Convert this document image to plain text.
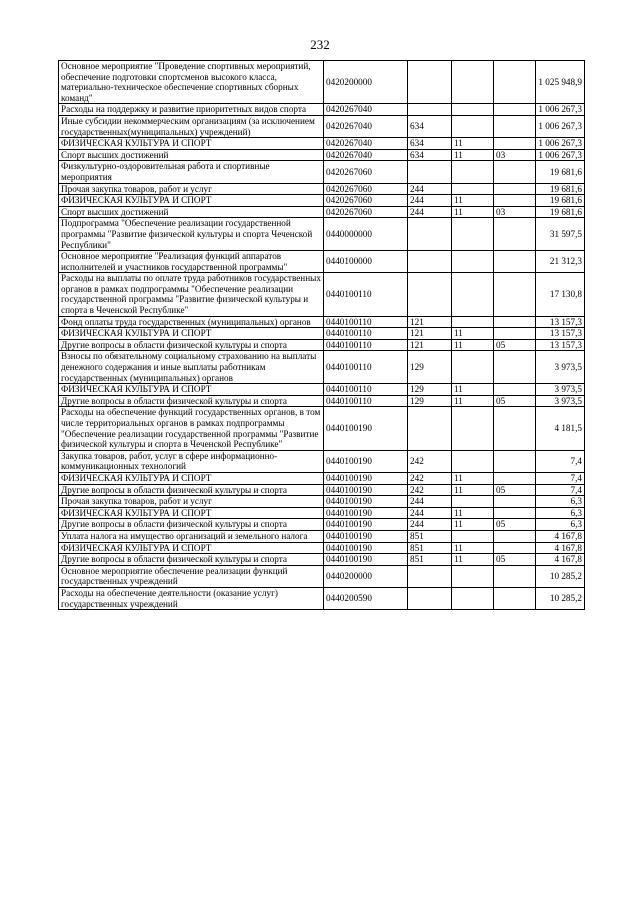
232
Основное мероприятие "Проведение спортивных мероприятий, обеспечение подготовки спортсменов высокого класса, материально-техническое обеспечение спортивных сборных команд"	0420200000				1 025 948,9
Расходы на поддержку и развитие приоритетных видов спорта	0420267040				1 006 267,3
Иные субсидии некоммерческим организациям (за исключением государственных(муниципальных) учреждений)	0420267040	634			1 006 267,3
ФИЗИЧЕСКАЯ КУЛЬТУРА И СПОРТ	0420267040	634	11		1 006 267,3
Спорт высших достижений	0420267040	634	11	03	1 006 267,3
Физкультурно-оздоровительная работа и спортивные мероприятия	0420267060				19 681,6
Прочая закупка товаров, работ и услуг	0420267060	244			19 681,6
ФИЗИЧЕСКАЯ КУЛЬТУРА И СПОРТ	0420267060	244	11		19 681,6
Спорт высших достижений	0420267060	244	11	03	19 681,6
Подпрограмма "Обеспечение реализации государственной программы "Развитие физической культуры и спорта Чеченской Республики"	0440000000				31 597,5
Основное мероприятие "Реализация функций аппаратов исполнителей и участников государственной программы"	0440100000				21 312,3
Расходы на выплаты по оплате труда работников государственных органов в рамках подпрограммы "Обеспечение реализации государственной программы "Развитие физической культуры и спорта в Чеченской Республике"	0440100110				17 130,8
Фонд оплаты труда государственных (муниципальных) органов	0440100110	121			13 157,3
ФИЗИЧЕСКАЯ КУЛЬТУРА И СПОРТ	0440100110	121	11		13 157,3
Другие вопросы в области физической культуры и спорта	0440100110	121	11	05	13 157,3
Взносы по обязательному социальному страхованию на выплаты денежного содержания и иные выплаты работникам государственных (муниципальных) органов	0440100110	129			3 973,5
ФИЗИЧЕСКАЯ КУЛЬТУРА И СПОРТ	0440100110	129	11		3 973,5
Другие вопросы в области физической культуры и спорта	0440100110	129	11	05	3 973,5
Расходы на обеспечение функций государственных органов, в том числе территориальных органов в рамках подпрограммы "Обеспечение реализации государственной программы "Развитие физической культуры и спорта в Чеченской Республике"	0440100190				4 181,5
Закупка товаров, работ, услуг в сфере информационно-коммуникационных технологий	0440100190	242			7,4
ФИЗИЧЕСКАЯ КУЛЬТУРА И СПОРТ	0440100190	242	11		7,4
Другие вопросы в области физической культуры и спорта	0440100190	242	11	05	7,4
Прочая закупка товаров, работ и услуг	0440100190	244			6,3
ФИЗИЧЕСКАЯ КУЛЬТУРА И СПОРТ	0440100190	244	11		6,3
Другие вопросы в области физической культуры и спорта	0440100190	244	11	05	6,3
Уплата налога на имущество организаций и земельного налога	0440100190	851			4 167,8
ФИЗИЧЕСКАЯ КУЛЬТУРА И СПОРТ	0440100190	851	11		4 167,8
Другие вопросы в области физической культуры и спорта	0440100190	851	11	05	4 167,8
Основное мероприятие обеспечение реализации функций государственных учреждений	0440200000				10 285,2
Расходы на обеспечение деятельности (оказание услуг) государственных учреждений	0440200590				10 285,2
